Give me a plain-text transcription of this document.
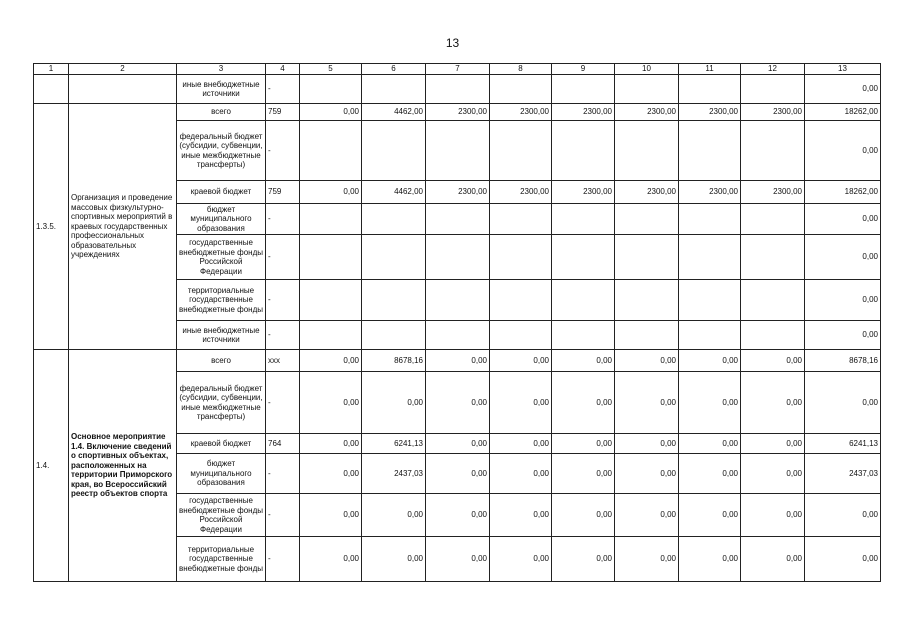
13
1	2	3	4	5	6	7	8	9	10	11	12	13
		иные внебюджетные источники	-									0,00
1.3.5.	Организация и проведение массовых физкультурно-спортивных мероприятий в краевых государственных профессиональных образовательных учреждениях	всего	759	0,00	4462,00	2300,00	2300,00	2300,00	2300,00	2300,00	2300,00	18262,00
		федеральный бюджет (субсидии, субвенции, иные межбюджетные трансферты)	-									0,00
		краевой бюджет	759	0,00	4462,00	2300,00	2300,00	2300,00	2300,00	2300,00	2300,00	18262,00
		бюджет муниципального образования	-									0,00
		государственные внебюджетные фонды Российской Федерации	-									0,00
		территориальные государственные внебюджетные фонды	-									0,00
		иные внебюджетные источники	-									0,00
1.4.	Основное мероприятие 1.4. Включение сведений о спортивных объектах, расположенных на территории Приморского края, во Всероссийский реестр объектов спорта	всего	xxx	0,00	8678,16	0,00	0,00	0,00	0,00	0,00	0,00	8678,16
		федеральный бюджет (субсидии, субвенции, иные межбюджетные трансферты)	-	0,00	0,00	0,00	0,00	0,00	0,00	0,00	0,00	0,00
		краевой бюджет	764	0,00	6241,13	0,00	0,00	0,00	0,00	0,00	0,00	6241,13
		бюджет муниципального образования	-	0,00	2437,03	0,00	0,00	0,00	0,00	0,00	0,00	2437,03
		государственные внебюджетные фонды Российской Федерации	-	0,00	0,00	0,00	0,00	0,00	0,00	0,00	0,00	0,00
		территориальные государственные внебюджетные фонды	-	0,00	0,00	0,00	0,00	0,00	0,00	0,00	0,00	0,00
